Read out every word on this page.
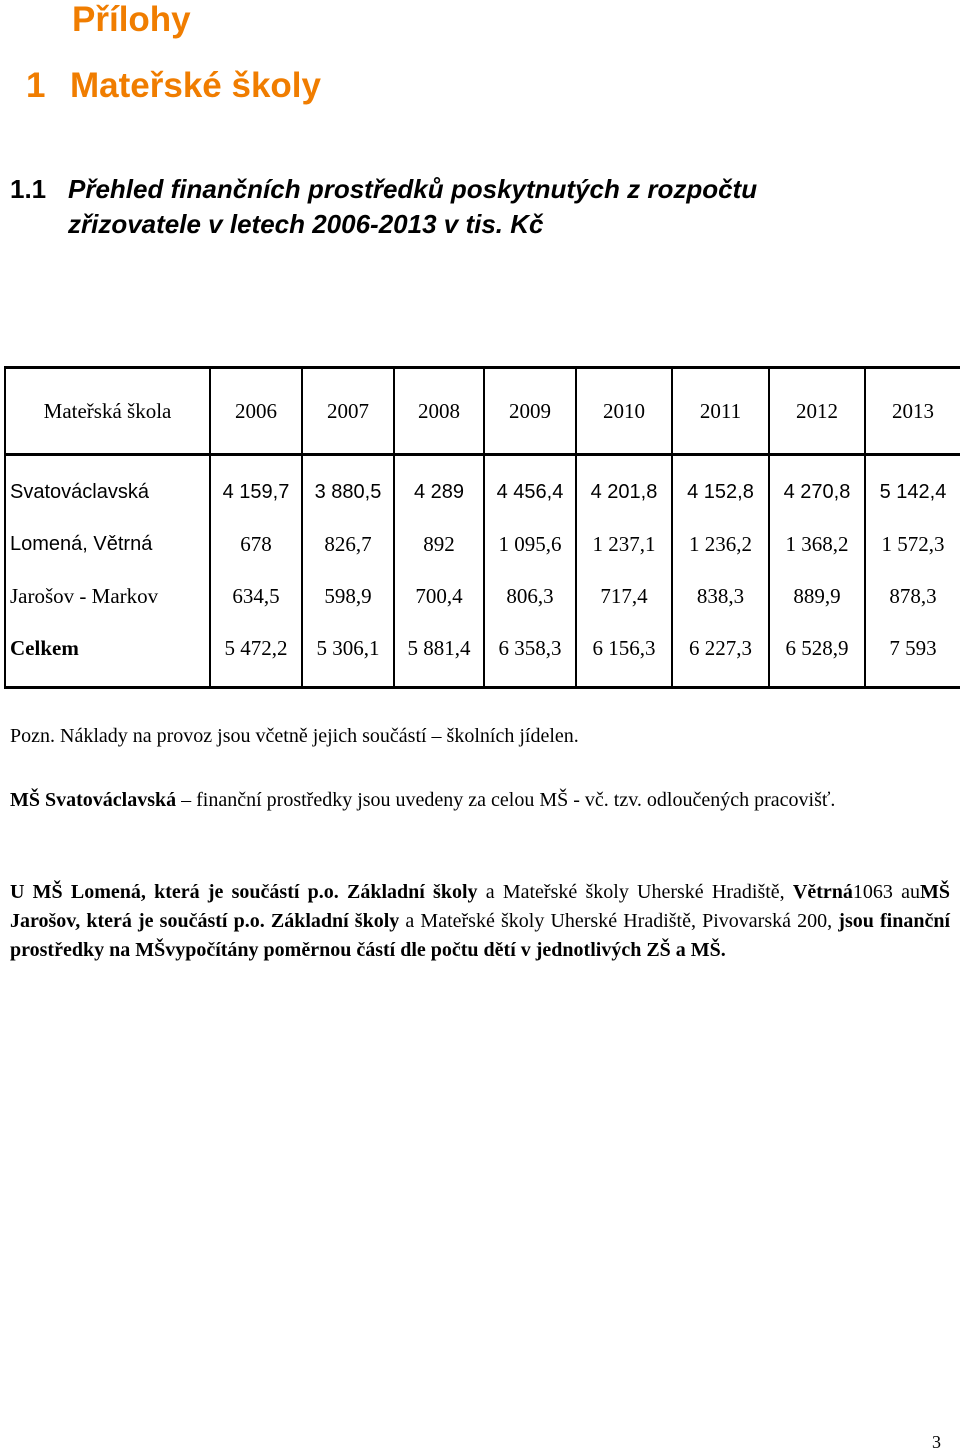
Přílohy
1 Mateřské školy
1.1 Přehled finančních prostředků poskytnutých z rozpočtu
zřizovatele v letech 2006-2013 v tis. Kč
Mateřská škola	2006	2007	2008	2009	2010	2011	2012	2013
Svatováclavská	4 159,7	3 880,5	4 289	4 456,4	4 201,8	4 152,8	4 270,8	5 142,4
Lomená, Větrná	678	826,7	892	1 095,6	1 237,1	1 236,2	1 368,2	1 572,3
Jarošov - Markov	634,5	598,9	700,4	806,3	717,4	838,3	889,9	878,3
Celkem	5 472,2	5 306,1	5 881,4	6 358,3	6 156,3	6 227,3	6 528,9	7 593

Pozn. Náklady na provoz jsou včetně jejich součástí – školních jídelen.

MŠ Svatováclavská – finanční prostředky jsou uvedeny za celou MŠ - vč. tzv. odloučených pracovišť.

U MŠ Lomená, která je součástí p.o. Základní školy a Mateřské školy Uherské Hradiště, Větrná1063 auMŠ Jarošov, která je součástí p.o. Základní školy a Mateřské školy Uherské Hradiště, Pivovarská 200, jsou finanční prostředky na MŠvypočítány poměrnou částí dle počtu dětí v jednotlivých ZŠ a MŠ.

3
